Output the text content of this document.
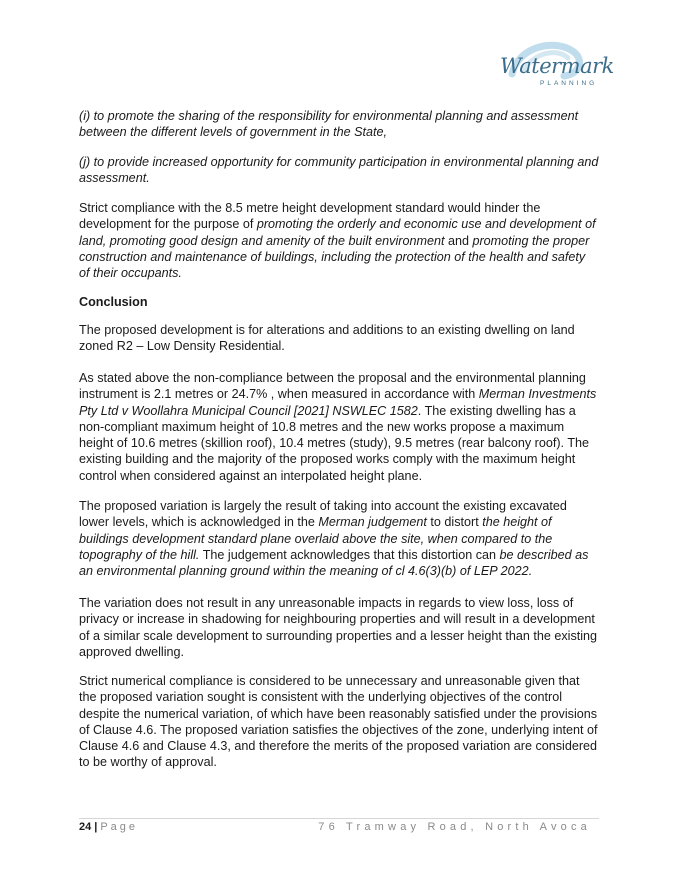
Watermark
PLANNING

(i) to promote the sharing of the responsibility for environmental planning and assessment between the different levels of government in the State,

(j) to provide increased opportunity for community participation in environmental planning and assessment.

Strict compliance with the 8.5 metre height development standard would hinder the development for the purpose of promoting the orderly and economic use and development of land, promoting good design and amenity of the built environment and promoting the proper construction and maintenance of buildings, including the protection of the health and safety of their occupants.

Conclusion

The proposed development is for alterations and additions to an existing dwelling on land zoned R2 – Low Density Residential.

As stated above the non-compliance between the proposal and the environmental planning instrument is 2.1 metres or 24.7% , when measured in accordance with Merman Investments Pty Ltd v Woollahra Municipal Council [2021] NSWLEC 1582. The existing dwelling has a non-compliant maximum height of 10.8 metres and the new works propose a maximum height of 10.6 metres (skillion roof), 10.4 metres (study), 9.5 metres (rear balcony roof). The existing building and the majority of the proposed works comply with the maximum height control when considered against an interpolated height plane.

The proposed variation is largely the result of taking into account the existing excavated lower levels, which is acknowledged in the Merman judgement to distort the height of buildings development standard plane overlaid above the site, when compared to the topography of the hill. The judgement acknowledges that this distortion can be described as an environmental planning ground within the meaning of cl 4.6(3)(b) of LEP 2022.

The variation does not result in any unreasonable impacts in regards to view loss, loss of privacy or increase in shadowing for neighbouring properties and will result in a development of a similar scale development to surrounding properties and a lesser height than the existing approved dwelling.

Strict numerical compliance is considered to be unnecessary and unreasonable given that the proposed variation sought is consistent with the underlying objectives of the control despite the numerical variation, of which have been reasonably satisfied under the provisions of Clause 4.6. The proposed variation satisfies the objectives of the zone, underlying intent of Clause 4.6 and Clause 4.3, and therefore the merits of the proposed variation are considered to be worthy of approval.

24 | Page	76 Tramway Road, North Avoca
